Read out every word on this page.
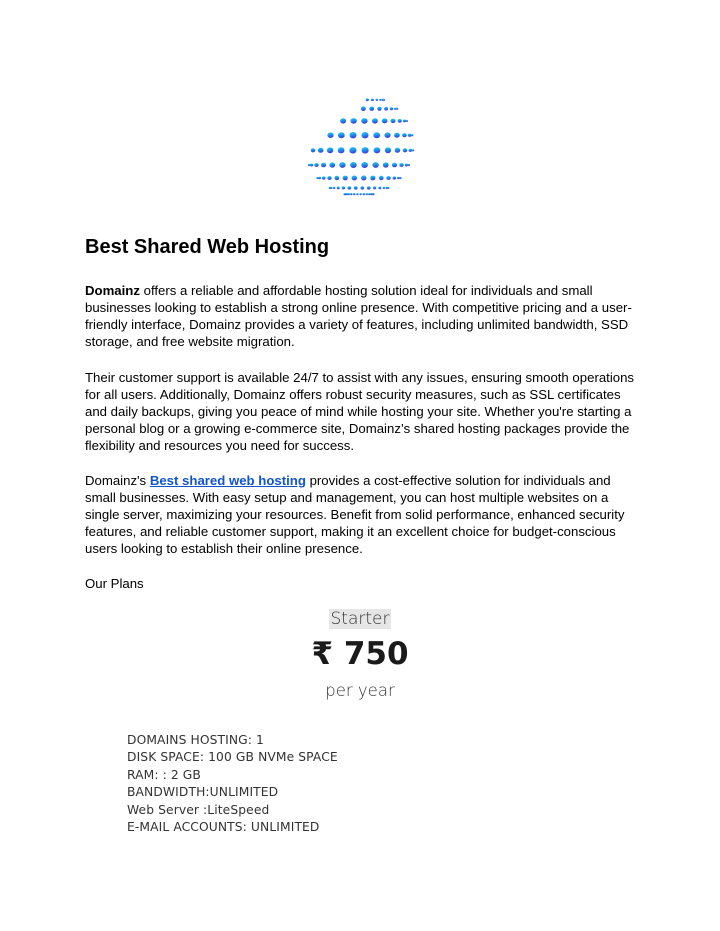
Best Shared Web Hosting

Domainz offers a reliable and affordable hosting solution ideal for individuals and small businesses looking to establish a strong online presence. With competitive pricing and a user-friendly interface, Domainz provides a variety of features, including unlimited bandwidth, SSD storage, and free website migration.

Their customer support is available 24/7 to assist with any issues, ensuring smooth operations for all users. Additionally, Domainz offers robust security measures, such as SSL certificates and daily backups, giving you peace of mind while hosting your site. Whether you're starting a personal blog or a growing e-commerce site, Domainz’s shared hosting packages provide the flexibility and resources you need for success.

Domainz's Best shared web hosting provides a cost-effective solution for individuals and small businesses. With easy setup and management, you can host multiple websites on a single server, maximizing your resources. Benefit from solid performance, enhanced security features, and reliable customer support, making it an excellent choice for budget-conscious users looking to establish their online presence.

Our Plans

Starter
₹ 750
per year
DOMAINS HOSTING: 1
DISK SPACE: 100 GB NVMe SPACE
RAM: : 2 GB
BANDWIDTH:UNLIMITED
Web Server :LiteSpeed
E-MAIL ACCOUNTS: UNLIMITED
